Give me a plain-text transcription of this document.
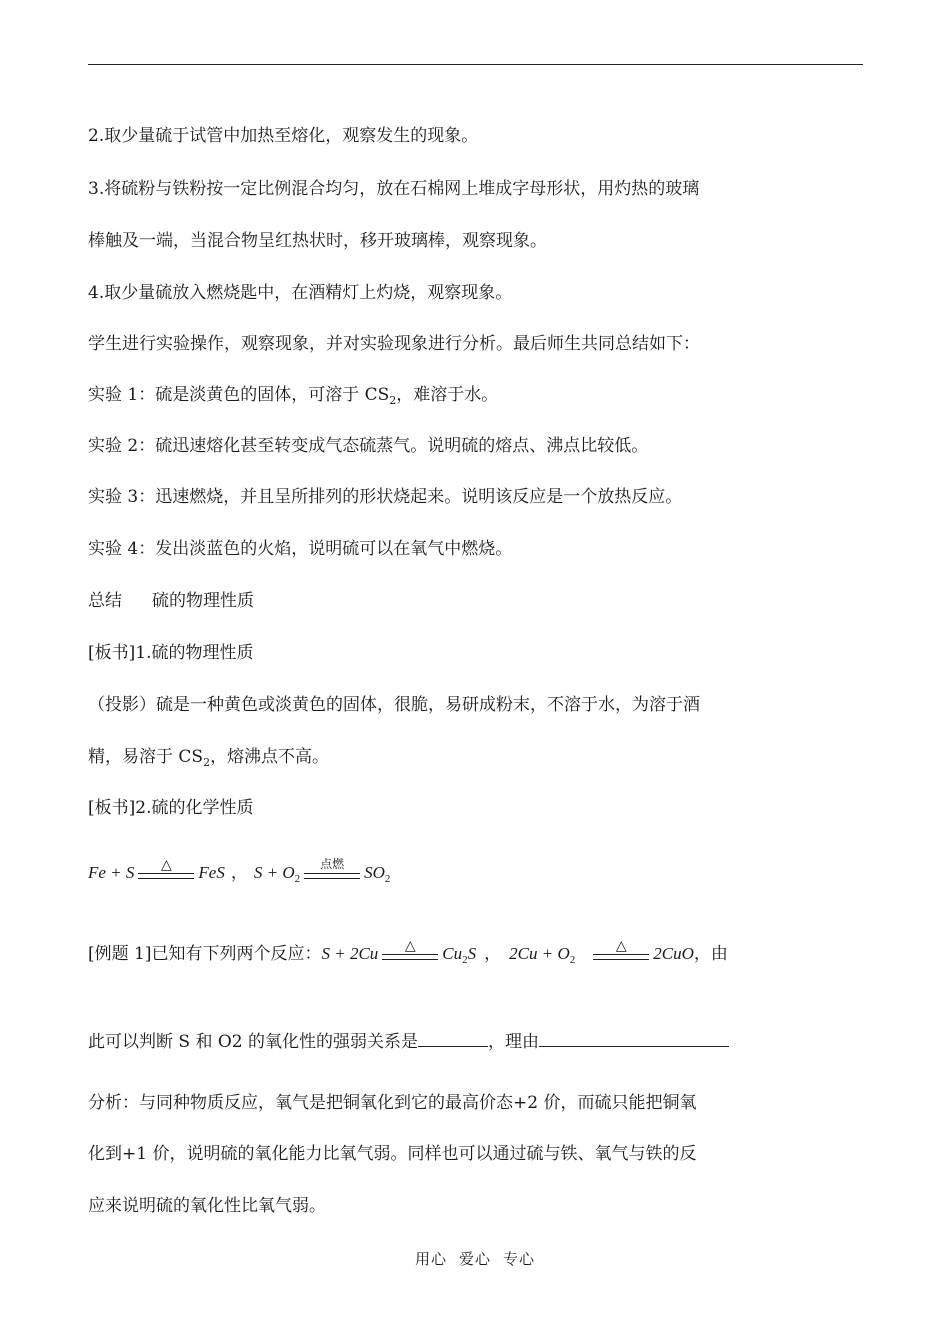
2.取少量硫于试管中加热至熔化，观察发生的现象。
3.将硫粉与铁粉按一定比例混合均匀，放在石棉网上堆成字母形状，用灼热的玻璃
棒触及一端，当混合物呈红热状时，移开玻璃棒，观察现象。
4.取少量硫放入燃烧匙中，在酒精灯上灼烧，观察现象。
学生进行实验操作，观察现象，并对实验现象进行分析。最后师生共同总结如下：
实验 1：硫是淡黄色的固体，可溶于 $CS_2$，难溶于水。
实验 2：硫迅速熔化甚至转变成气态硫蒸气。说明硫的熔点、沸点比较低。
实验 3：迅速燃烧，并且呈所排列的形状烧起来。说明该反应是一个放热反应。
实验 4：发出淡蓝色的火焰，说明硫可以在氧气中燃烧。
总结 硫的物理性质
[板书]1.硫的物理性质
（投影）硫是一种黄色或淡黄色的固体，很脆，易研成粉末，不溶于水，为溶于酒
精，易溶于 $CS_2$，熔沸点不高。
[板书]2.硫的化学性质
Fe + S	△	FeS ， $S + O_2$
点燃	$SO_2$
[例题 1]已知有下列两个反应：S + 2Cu	△	$Cu_2S$ ， $2Cu + O_2$
△	2CuO，由
此可以判断 S 和 O2 的氧化性的强弱关系是	，理由
分析：与同种物质反应，氧气是把铜氧化到它的最高价态+2 价，而硫只能把铜氧
化到+1 价，说明硫的氧化能力比氧气弱。同样也可以通过硫与铁、氧气与铁的反
应来说明硫的氧化性比氧气弱。
用心 爱心 专心
